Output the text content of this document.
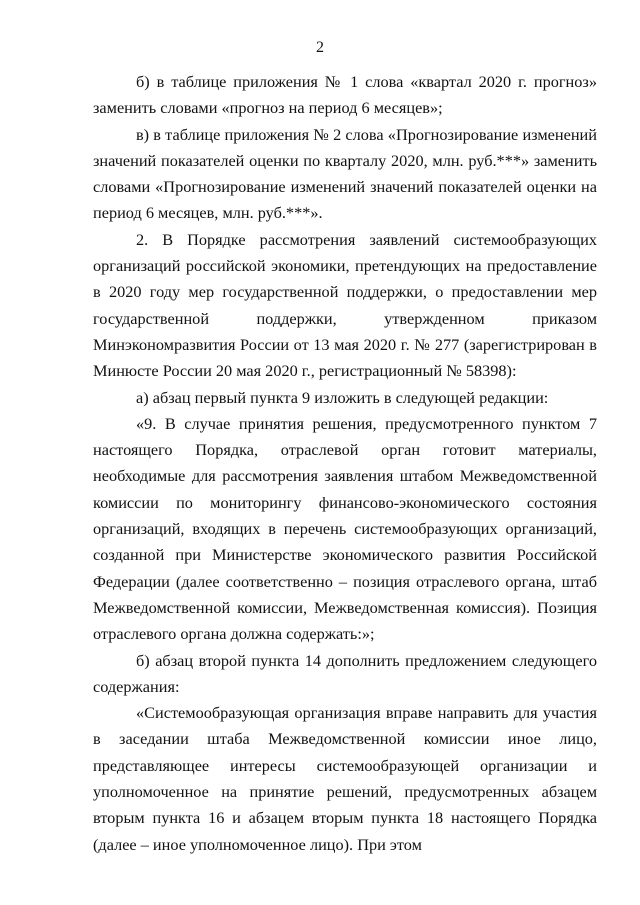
2

б) в таблице приложения № 1 слова «квартал 2020 г. прогноз» заменить словами «прогноз на период 6 месяцев»;

в) в таблице приложения № 2 слова «Прогнозирование изменений значений показателей оценки по кварталу 2020, млн. руб.***» заменить словами «Прогнозирование изменений значений показателей оценки на период 6 месяцев, млн. руб.***».

2. В Порядке рассмотрения заявлений системообразующих организаций российской экономики, претендующих на предоставление в 2020 году мер государственной поддержки, о предоставлении мер государственной поддержки, утвержденном приказом Минэкономразвития России от 13 мая 2020 г. № 277 (зарегистрирован в Минюсте России 20 мая 2020 г., регистрационный № 58398):

а) абзац первый пункта 9 изложить в следующей редакции:

«9. В случае принятия решения, предусмотренного пунктом 7 настоящего Порядка, отраслевой орган готовит материалы, необходимые для рассмотрения заявления штабом Межведомственной комиссии по мониторингу финансово-экономического состояния организаций, входящих в перечень системообразующих организаций, созданной при Министерстве экономического развития Российской Федерации (далее соответственно – позиция отраслевого органа, штаб Межведомственной комиссии, Межведомственная комиссия). Позиция отраслевого органа должна содержать:»;

б) абзац второй пункта 14 дополнить предложением следующего содержания:

«Системообразующая организация вправе направить для участия в заседании штаба Межведомственной комиссии иное лицо, представляющее интересы системообразующей организации и уполномоченное на принятие решений, предусмотренных абзацем вторым пункта 16 и абзацем вторым пункта 18 настоящего Порядка (далее – иное уполномоченное лицо). При этом
